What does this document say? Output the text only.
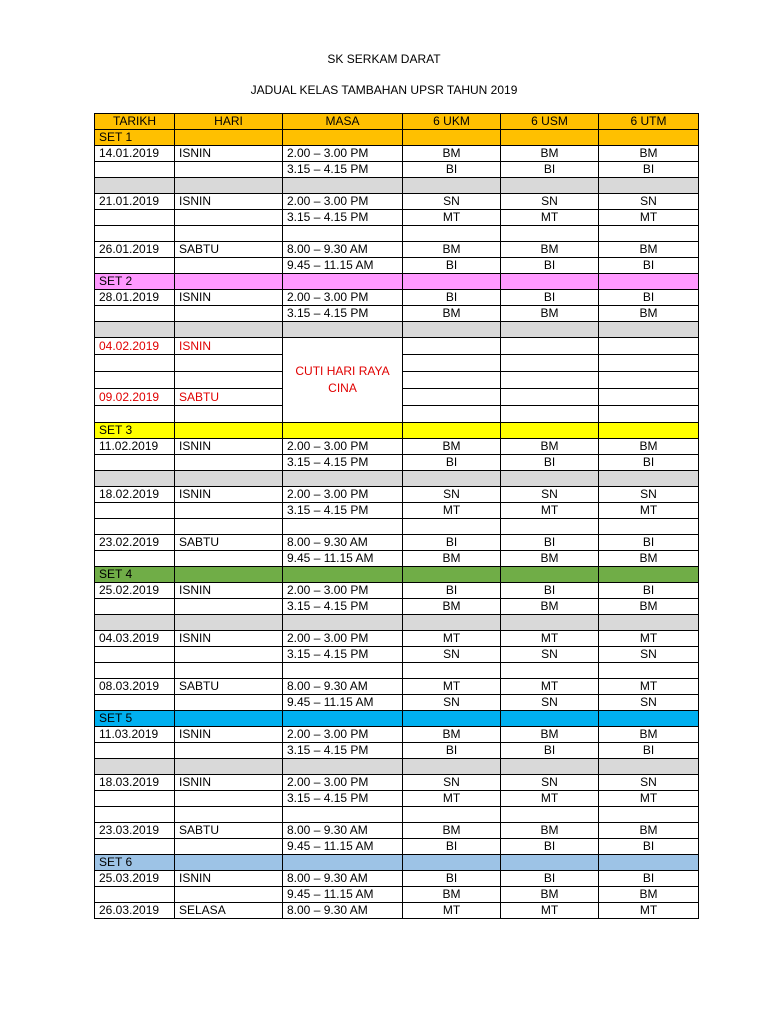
SK SERKAM DARAT
JADUAL KELAS TAMBAHAN UPSR TAHUN 2019
TARIKH	HARI	MASA	6 UKM	6 USM	6 UTM
SET 1					
14.01.2019	ISNIN	2.00 – 3.00 PM	BM	BM	BM
		3.15 – 4.15 PM	BI	BI	BI

21.01.2019	ISNIN	2.00 – 3.00 PM	SN	SN	SN
		3.15 – 4.15 PM	MT	MT	MT

26.01.2019	SABTU	8.00 – 9.30 AM	BM	BM	BM
		9.45 – 11.15 AM	BI	BI	BI
SET 2					
28.01.2019	ISNIN	2.00 – 3.00 PM	BI	BI	BI
		3.15 – 4.15 PM	BM	BM	BM

04.02.2019	ISNIN	CUTI HARI RAYA CINA			

09.02.2019	SABTU				

SET 3					
11.02.2019	ISNIN	2.00 – 3.00 PM	BM	BM	BM
		3.15 – 4.15 PM	BI	BI	BI

18.02.2019	ISNIN	2.00 – 3.00 PM	SN	SN	SN
		3.15 – 4.15 PM	MT	MT	MT

23.02.2019	SABTU	8.00 – 9.30 AM	BI	BI	BI
		9.45 – 11.15 AM	BM	BM	BM
SET 4					
25.02.2019	ISNIN	2.00 – 3.00 PM	BI	BI	BI
		3.15 – 4.15 PM	BM	BM	BM

04.03.2019	ISNIN	2.00 – 3.00 PM	MT	MT	MT
		3.15 – 4.15 PM	SN	SN	SN

08.03.2019	SABTU	8.00 – 9.30 AM	MT	MT	MT
		9.45 – 11.15 AM	SN	SN	SN
SET 5					
11.03.2019	ISNIN	2.00 – 3.00 PM	BM	BM	BM
		3.15 – 4.15 PM	BI	BI	BI

18.03.2019	ISNIN	2.00 – 3.00 PM	SN	SN	SN
		3.15 – 4.15 PM	MT	MT	MT

23.03.2019	SABTU	8.00 – 9.30 AM	BM	BM	BM
		9.45 – 11.15 AM	BI	BI	BI
SET 6					
25.03.2019	ISNIN	8.00 – 9.30 AM	BI	BI	BI
		9.45 – 11.15 AM	BM	BM	BM
26.03.2019	SELASA	8.00 – 9.30 AM	MT	MT	MT
